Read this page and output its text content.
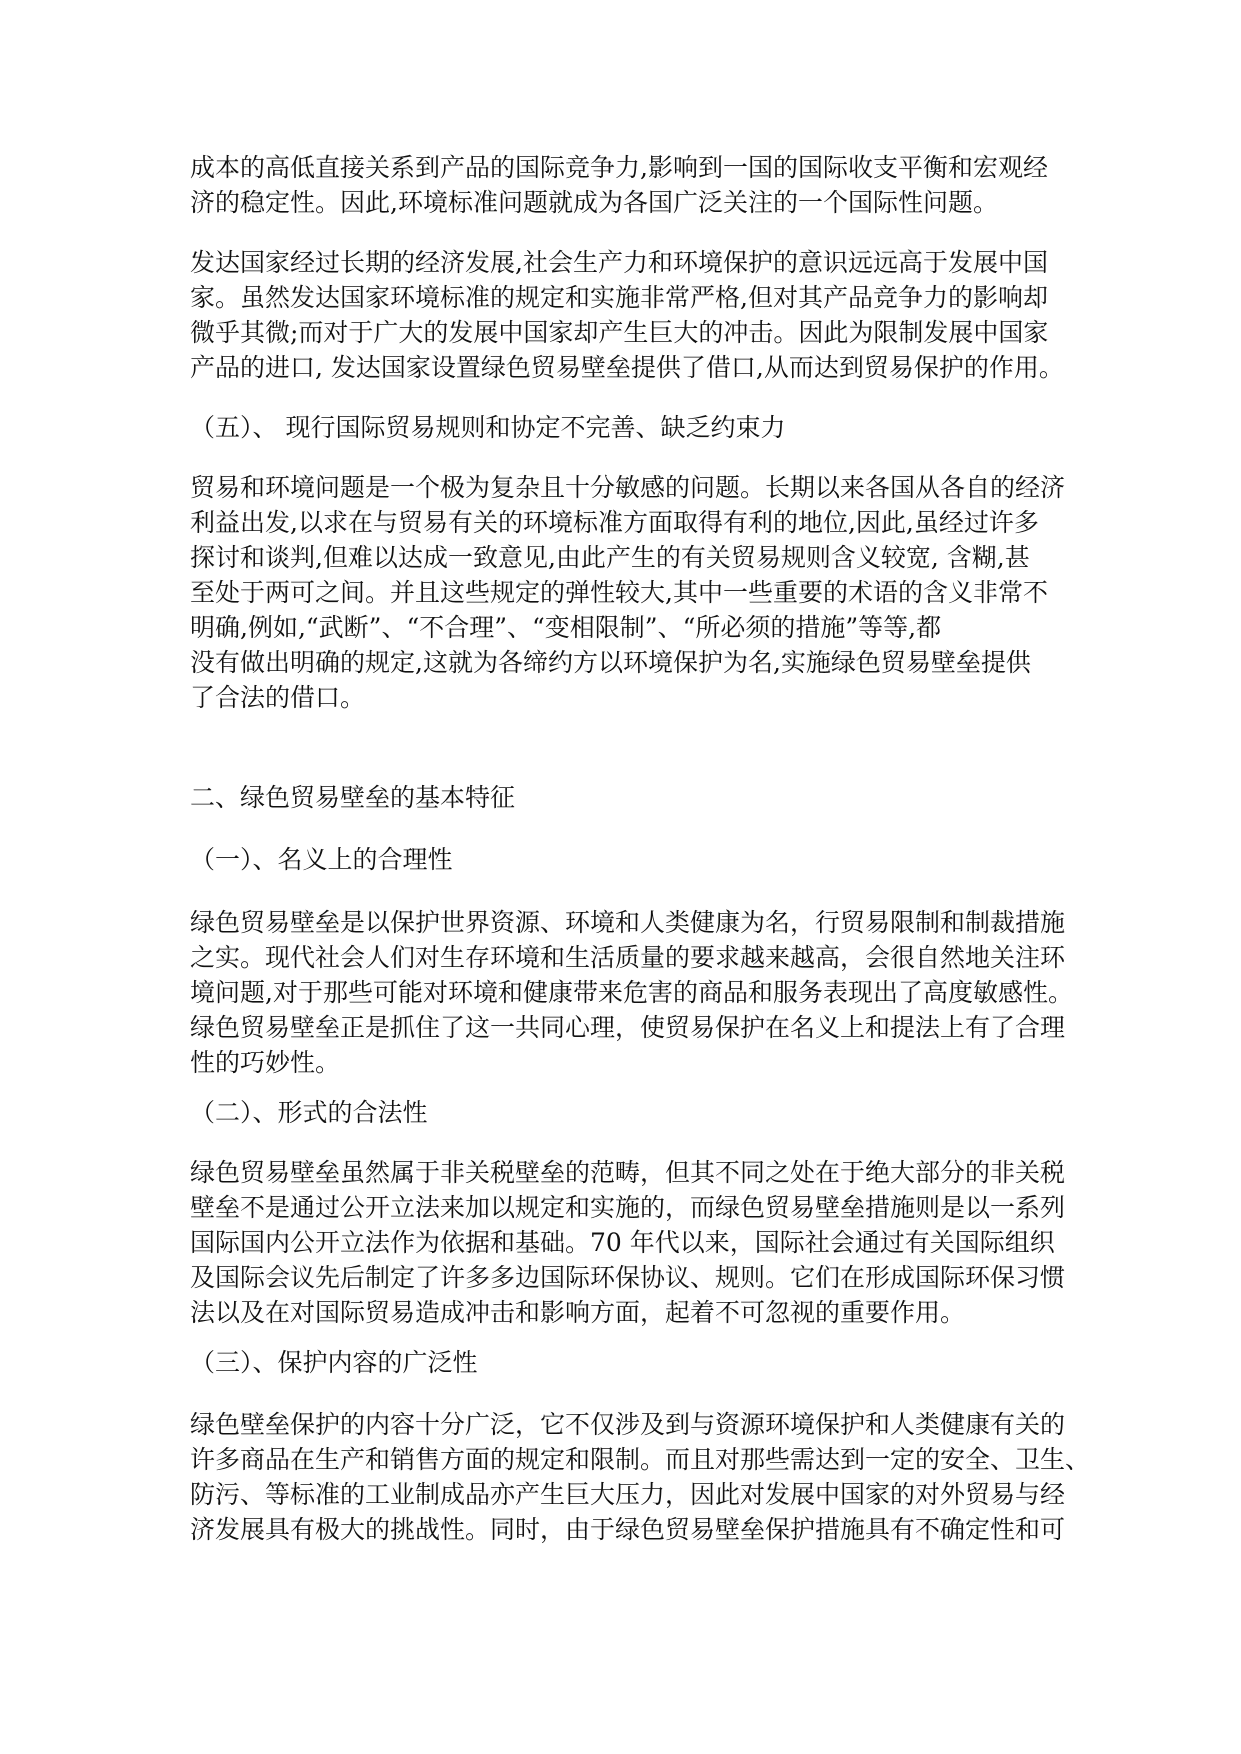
成本的高低直接关系到产品的国际竞争力,影响到一国的国际收支平衡和宏观经
济的稳定性。因此,环境标准问题就成为各国广泛关注的一个国际性问题。
发达国家经过长期的经济发展,社会生产力和环境保护的意识远远高于发展中国
家。虽然发达国家环境标准的规定和实施非常严格,但对其产品竞争力的影响却
微乎其微;而对于广大的发展中国家却产生巨大的冲击。因此为限制发展中国家
产品的进口, 发达国家设置绿色贸易壁垒提供了借口,从而达到贸易保护的作用。
（五）、 现行国际贸易规则和协定不完善、缺乏约束力
贸易和环境问题是一个极为复杂且十分敏感的问题。长期以来各国从各自的经济
利益出发,以求在与贸易有关的环境标准方面取得有利的地位,因此,虽经过许多
探讨和谈判,但难以达成一致意见,由此产生的有关贸易规则含义较宽, 含糊,甚
至处于两可之间。并且这些规定的弹性较大,其中一些重要的术语的含义非常不
明确,例如,“武断”、“不合理”、“变相限制”、“所必须的措施”等等,都
没有做出明确的规定,这就为各缔约方以环境保护为名,实施绿色贸易壁垒提供
了合法的借口。
二、绿色贸易壁垒的基本特征
（一）、名义上的合理性
绿色贸易壁垒是以保护世界资源、环境和人类健康为名，行贸易限制和制裁措施
之实。现代社会人们对生存环境和生活质量的要求越来越高，会很自然地关注环
境问题,对于那些可能对环境和健康带来危害的商品和服务表现出了高度敏感性。
绿色贸易壁垒正是抓住了这一共同心理，使贸易保护在名义上和提法上有了合理
性的巧妙性。
（二）、形式的合法性
绿色贸易壁垒虽然属于非关税壁垒的范畴，但其不同之处在于绝大部分的非关税
壁垒不是通过公开立法来加以规定和实施的，而绿色贸易壁垒措施则是以一系列
国际国内公开立法作为依据和基础。70 年代以来，国际社会通过有关国际组织
及国际会议先后制定了许多多边国际环保协议、规则。它们在形成国际环保习惯
法以及在对国际贸易造成冲击和影响方面，起着不可忽视的重要作用。
（三）、保护内容的广泛性
绿色壁垒保护的内容十分广泛，它不仅涉及到与资源环境保护和人类健康有关的
许多商品在生产和销售方面的规定和限制。而且对那些需达到一定的安全、卫生、
防污、等标准的工业制成品亦产生巨大压力，因此对发展中国家的对外贸易与经
济发展具有极大的挑战性。同时，由于绿色贸易壁垒保护措施具有不确定性和可
